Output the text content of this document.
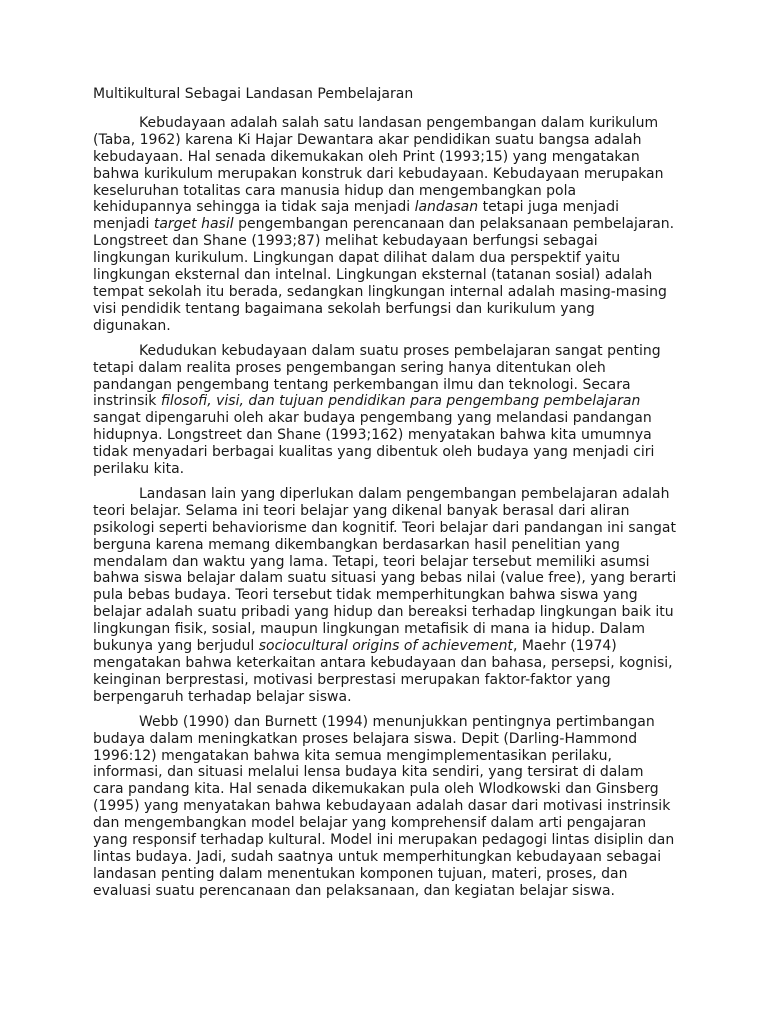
Multikultural Sebagai Landasan Pembelajaran

Kebudayaan adalah salah satu landasan pengembangan dalam kurikulum (Taba, 1962) karena Ki Hajar Dewantara akar pendidikan suatu bangsa adalah kebudayaan. Hal senada dikemukakan oleh Print (1993;15) yang mengatakan bahwa kurikulum merupakan konstruk dari kebudayaan. Kebudayaan merupakan keseluruhan totalitas cara manusia hidup dan mengembangkan pola kehidupannya sehingga ia tidak saja menjadi landasan tetapi juga menjadi menjadi target hasil pengembangan perencanaan dan pelaksanaan pembelajaran. Longstreet dan Shane (1993;87) melihat kebudayaan berfungsi sebagai lingkungan kurikulum. Lingkungan dapat dilihat dalam dua perspektif yaitu lingkungan eksternal dan intelnal. Lingkungan eksternal (tatanan sosial) adalah tempat sekolah itu berada, sedangkan lingkungan internal adalah masing-masing visi pendidik tentang bagaimana sekolah berfungsi dan kurikulum yang digunakan.

Kedudukan kebudayaan dalam suatu proses pembelajaran sangat penting tetapi dalam realita proses pengembangan sering hanya ditentukan oleh pandangan pengembang tentang perkembangan ilmu dan teknologi. Secara instrinsik filosofi, visi, dan tujuan pendidikan para pengembang pembelajaran sangat dipengaruhi oleh akar budaya pengembang yang melandasi pandangan hidupnya. Longstreet dan Shane (1993;162) menyatakan bahwa kita umumnya tidak menyadari berbagai kualitas yang dibentuk oleh budaya yang menjadi ciri perilaku kita.

Landasan lain yang diperlukan dalam pengembangan pembelajaran adalah teori belajar. Selama ini teori belajar yang dikenal banyak berasal dari aliran psikologi seperti behaviorisme dan kognitif. Teori belajar dari pandangan ini sangat berguna karena memang dikembangkan berdasarkan hasil penelitian yang mendalam dan waktu yang lama. Tetapi, teori belajar tersebut memiliki asumsi bahwa siswa belajar dalam suatu situasi yang bebas nilai (value free), yang berarti pula bebas budaya. Teori tersebut tidak memperhitungkan bahwa siswa yang belajar adalah suatu pribadi yang hidup dan bereaksi terhadap lingkungan baik itu lingkungan fisik, sosial, maupun lingkungan metafisik di mana ia hidup. Dalam bukunya yang berjudul sociocultural origins of achievement, Maehr (1974) mengatakan bahwa keterkaitan antara kebudayaan dan bahasa, persepsi, kognisi, keinginan berprestasi, motivasi berprestasi merupakan faktor-faktor yang berpengaruh terhadap belajar siswa.

Webb (1990) dan Burnett (1994) menunjukkan pentingnya pertimbangan budaya dalam meningkatkan proses belajara siswa. Depit (Darling-Hammond 1996:12) mengatakan bahwa kita semua mengimplementasikan perilaku, informasi, dan situasi melalui lensa budaya kita sendiri, yang tersirat di dalam cara pandang kita. Hal senada dikemukakan pula oleh Wlodkowski dan Ginsberg (1995) yang menyatakan bahwa kebudayaan adalah dasar dari motivasi instrinsik dan mengembangkan model belajar yang komprehensif dalam arti pengajaran yang responsif terhadap kultural. Model ini merupakan pedagogi lintas disiplin dan lintas budaya. Jadi, sudah saatnya untuk memperhitungkan kebudayaan sebagai landasan penting dalam menentukan komponen tujuan, materi, proses, dan evaluasi suatu perencanaan dan pelaksanaan, dan kegiatan belajar siswa.
